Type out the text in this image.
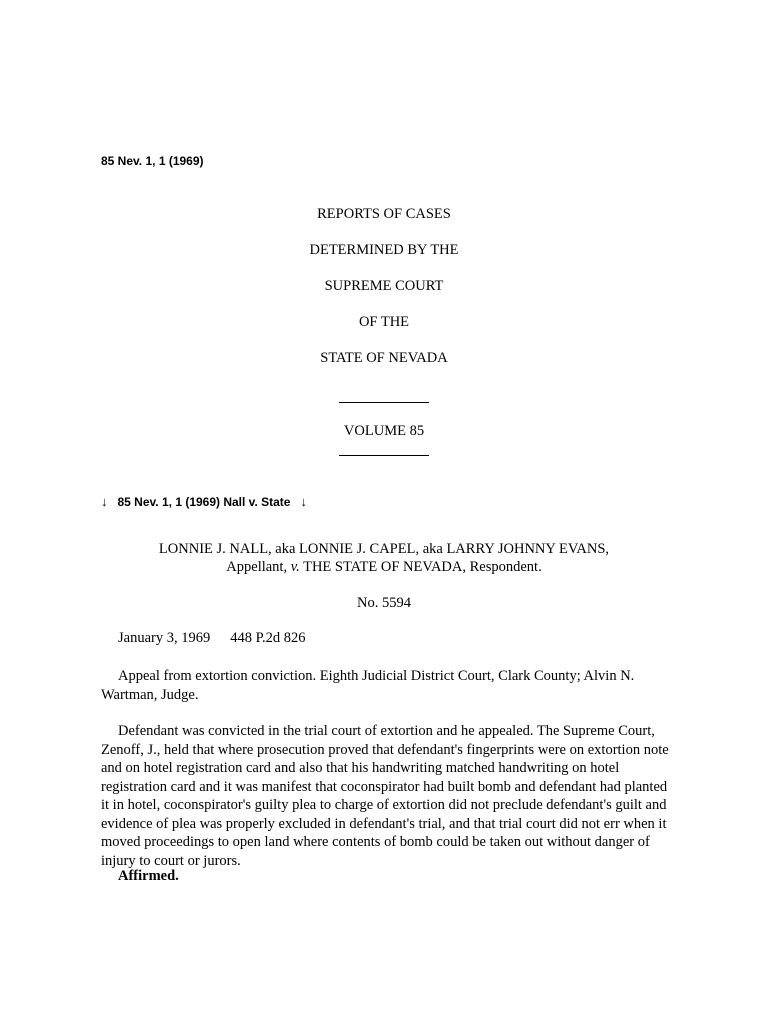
85 Nev. 1, 1 (1969)
REPORTS OF CASES
DETERMINED BY THE
SUPREME COURT
OF THE
STATE OF NEVADA
VOLUME 85
↓ 85 Nev. 1, 1 (1969) Nall v. State ↓
LONNIE J. NALL, aka LONNIE J. CAPEL, aka LARRY JOHNNY EVANS,
Appellant, v. THE STATE OF NEVADA, Respondent.
No. 5594
January 3, 1969 448 P.2d 826
Appeal from extortion conviction. Eighth Judicial District Court, Clark County; Alvin N. Wartman, Judge.
Defendant was convicted in the trial court of extortion and he appealed. The Supreme Court, Zenoff, J., held that where prosecution proved that defendant's fingerprints were on extortion note and on hotel registration card and also that his handwriting matched handwriting on hotel registration card and it was manifest that coconspirator had built bomb and defendant had planted it in hotel, coconspirator's guilty plea to charge of extortion did not preclude defendant's guilt and evidence of plea was properly excluded in defendant's trial, and that trial court did not err when it moved proceedings to open land where contents of bomb could be taken out without danger of injury to court or jurors.
Affirmed.
